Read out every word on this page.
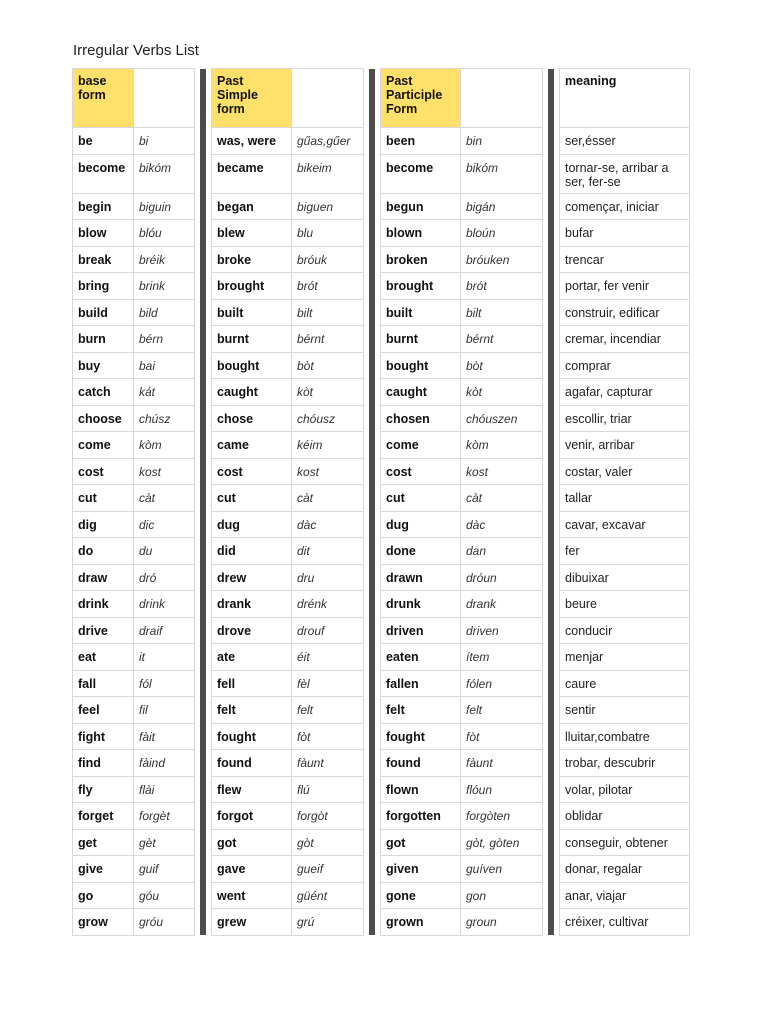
Irregular Verbs List
base form			Past Simple form			Past Participle Form			meaning
be	bi		was, were	gűas,gűer		been	bin		ser,ésser
become	bikóm		became	bikeim		become	bikóm		tornar-se, arribar a ser, fer-se
begin	biguin		began	biguen		begun	bigán		començar, iniciar
blow	blóu		blew	blu		blown	bloún		bufar
break	bréik		broke	bróuk		broken	bróuken		trencar
bring	brink		brought	brót		brought	brót		portar, fer venir
build	bild		built	bilt		built	bilt		construir, edificar
burn	bérn		burnt	bérnt		burnt	bérnt		cremar, incendiar
buy	bai		bought	bòt		bought	bòt		comprar
catch	kát		caught	kòt		caught	kòt		agafar, capturar
choose	chúsz		chose	chóusz		chosen	chóuszen		escollir, triar
come	kòm		came	kéim		come	kòm		venir, arribar
cost	kost		cost	kost		cost	kost		costar, valer
cut	càt		cut	càt		cut	càt		tallar
dig	dic		dug	dàc		dug	dàc		cavar, excavar
do	du		did	dit		done	dan		fer
draw	dró		drew	dru		drawn	dróun		dibuixar
drink	drink		drank	drénk		drunk	drank		beure
drive	draif		drove	drouf		driven	driven		conducir
eat	it		ate	éit		eaten	ítem		menjar
fall	fól		fell	fèl		fallen	fólen		caure
feel	fil		felt	felt		felt	felt		sentir
fight	fàit		fought	fòt		fought	fòt		lluitar,combatre
find	fàind		found	fàunt		found	fàunt		trobar, descubrir
fly	flài		flew	flú		flown	flóun		volar, pilotar
forget	forgèt		forgot	forgòt		forgotten	forgòten		oblidar
get	gèt		got	gòt		got	gòt, gòten		conseguir, obtener
give	guif		gave	gueif		given	guíven		donar, regalar
go	góu		went	güént		gone	gon		anar, viajar
grow	gróu		grew	grú		grown	groun		créixer, cultivar
